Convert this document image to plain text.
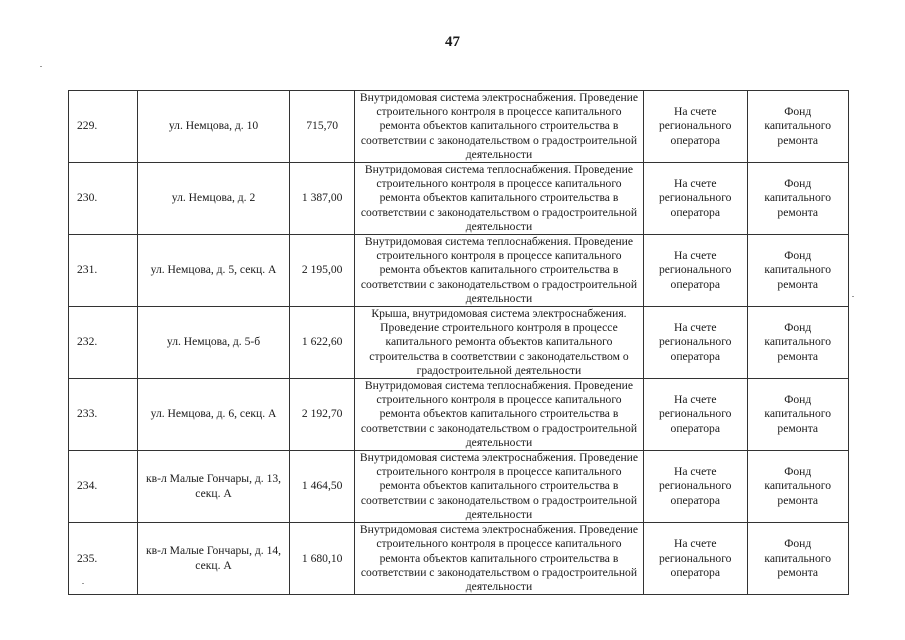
47
229.	ул. Немцова, д. 10	715,70	Внутридомовая система электроснабжения. Проведение строительного контроля в процессе капитального ремонта объектов капитального строительства в соответствии с законодательством о градостроительной деятельности	На счете регионального оператора	Фонд капитального ремонта
230.	ул. Немцова, д. 2	1 387,00	Внутридомовая система теплоснабжения. Проведение строительного контроля в процессе капитального ремонта объектов капитального строительства в соответствии с законодательством о градостроительной деятельности	На счете регионального оператора	Фонд капитального ремонта
231.	ул. Немцова, д. 5, секц. А	2 195,00	Внутридомовая система теплоснабжения. Проведение строительного контроля в процессе капитального ремонта объектов капитального строительства в соответствии с законодательством о градостроительной деятельности	На счете регионального оператора	Фонд капитального ремонта
232.	ул. Немцова, д. 5-б	1 622,60	Крыша, внутридомовая система электроснабжения. Проведение строительного контроля в процессе капитального ремонта объектов капитального строительства в соответствии с законодательством о градостроительной деятельности	На счете регионального оператора	Фонд капитального ремонта
233.	ул. Немцова, д. 6, секц. А	2 192,70	Внутридомовая система теплоснабжения. Проведение строительного контроля в процессе капитального ремонта объектов капитального строительства в соответствии с законодательством о градостроительной деятельности	На счете регионального оператора	Фонд капитального ремонта
234.	кв-л Малые Гончары, д. 13, секц. А	1 464,50	Внутридомовая система электроснабжения. Проведение строительного контроля в процессе капитального ремонта объектов капитального строительства в соответствии с законодательством о градостроительной деятельности	На счете регионального оператора	Фонд капитального ремонта
235.	кв-л Малые Гончары, д. 14, секц. А	1 680,10	Внутридомовая система электроснабжения. Проведение строительного контроля в процессе капитального ремонта объектов капитального строительства в соответствии с законодательством о градостроительной деятельности	На счете регионального оператора	Фонд капитального ремонта
